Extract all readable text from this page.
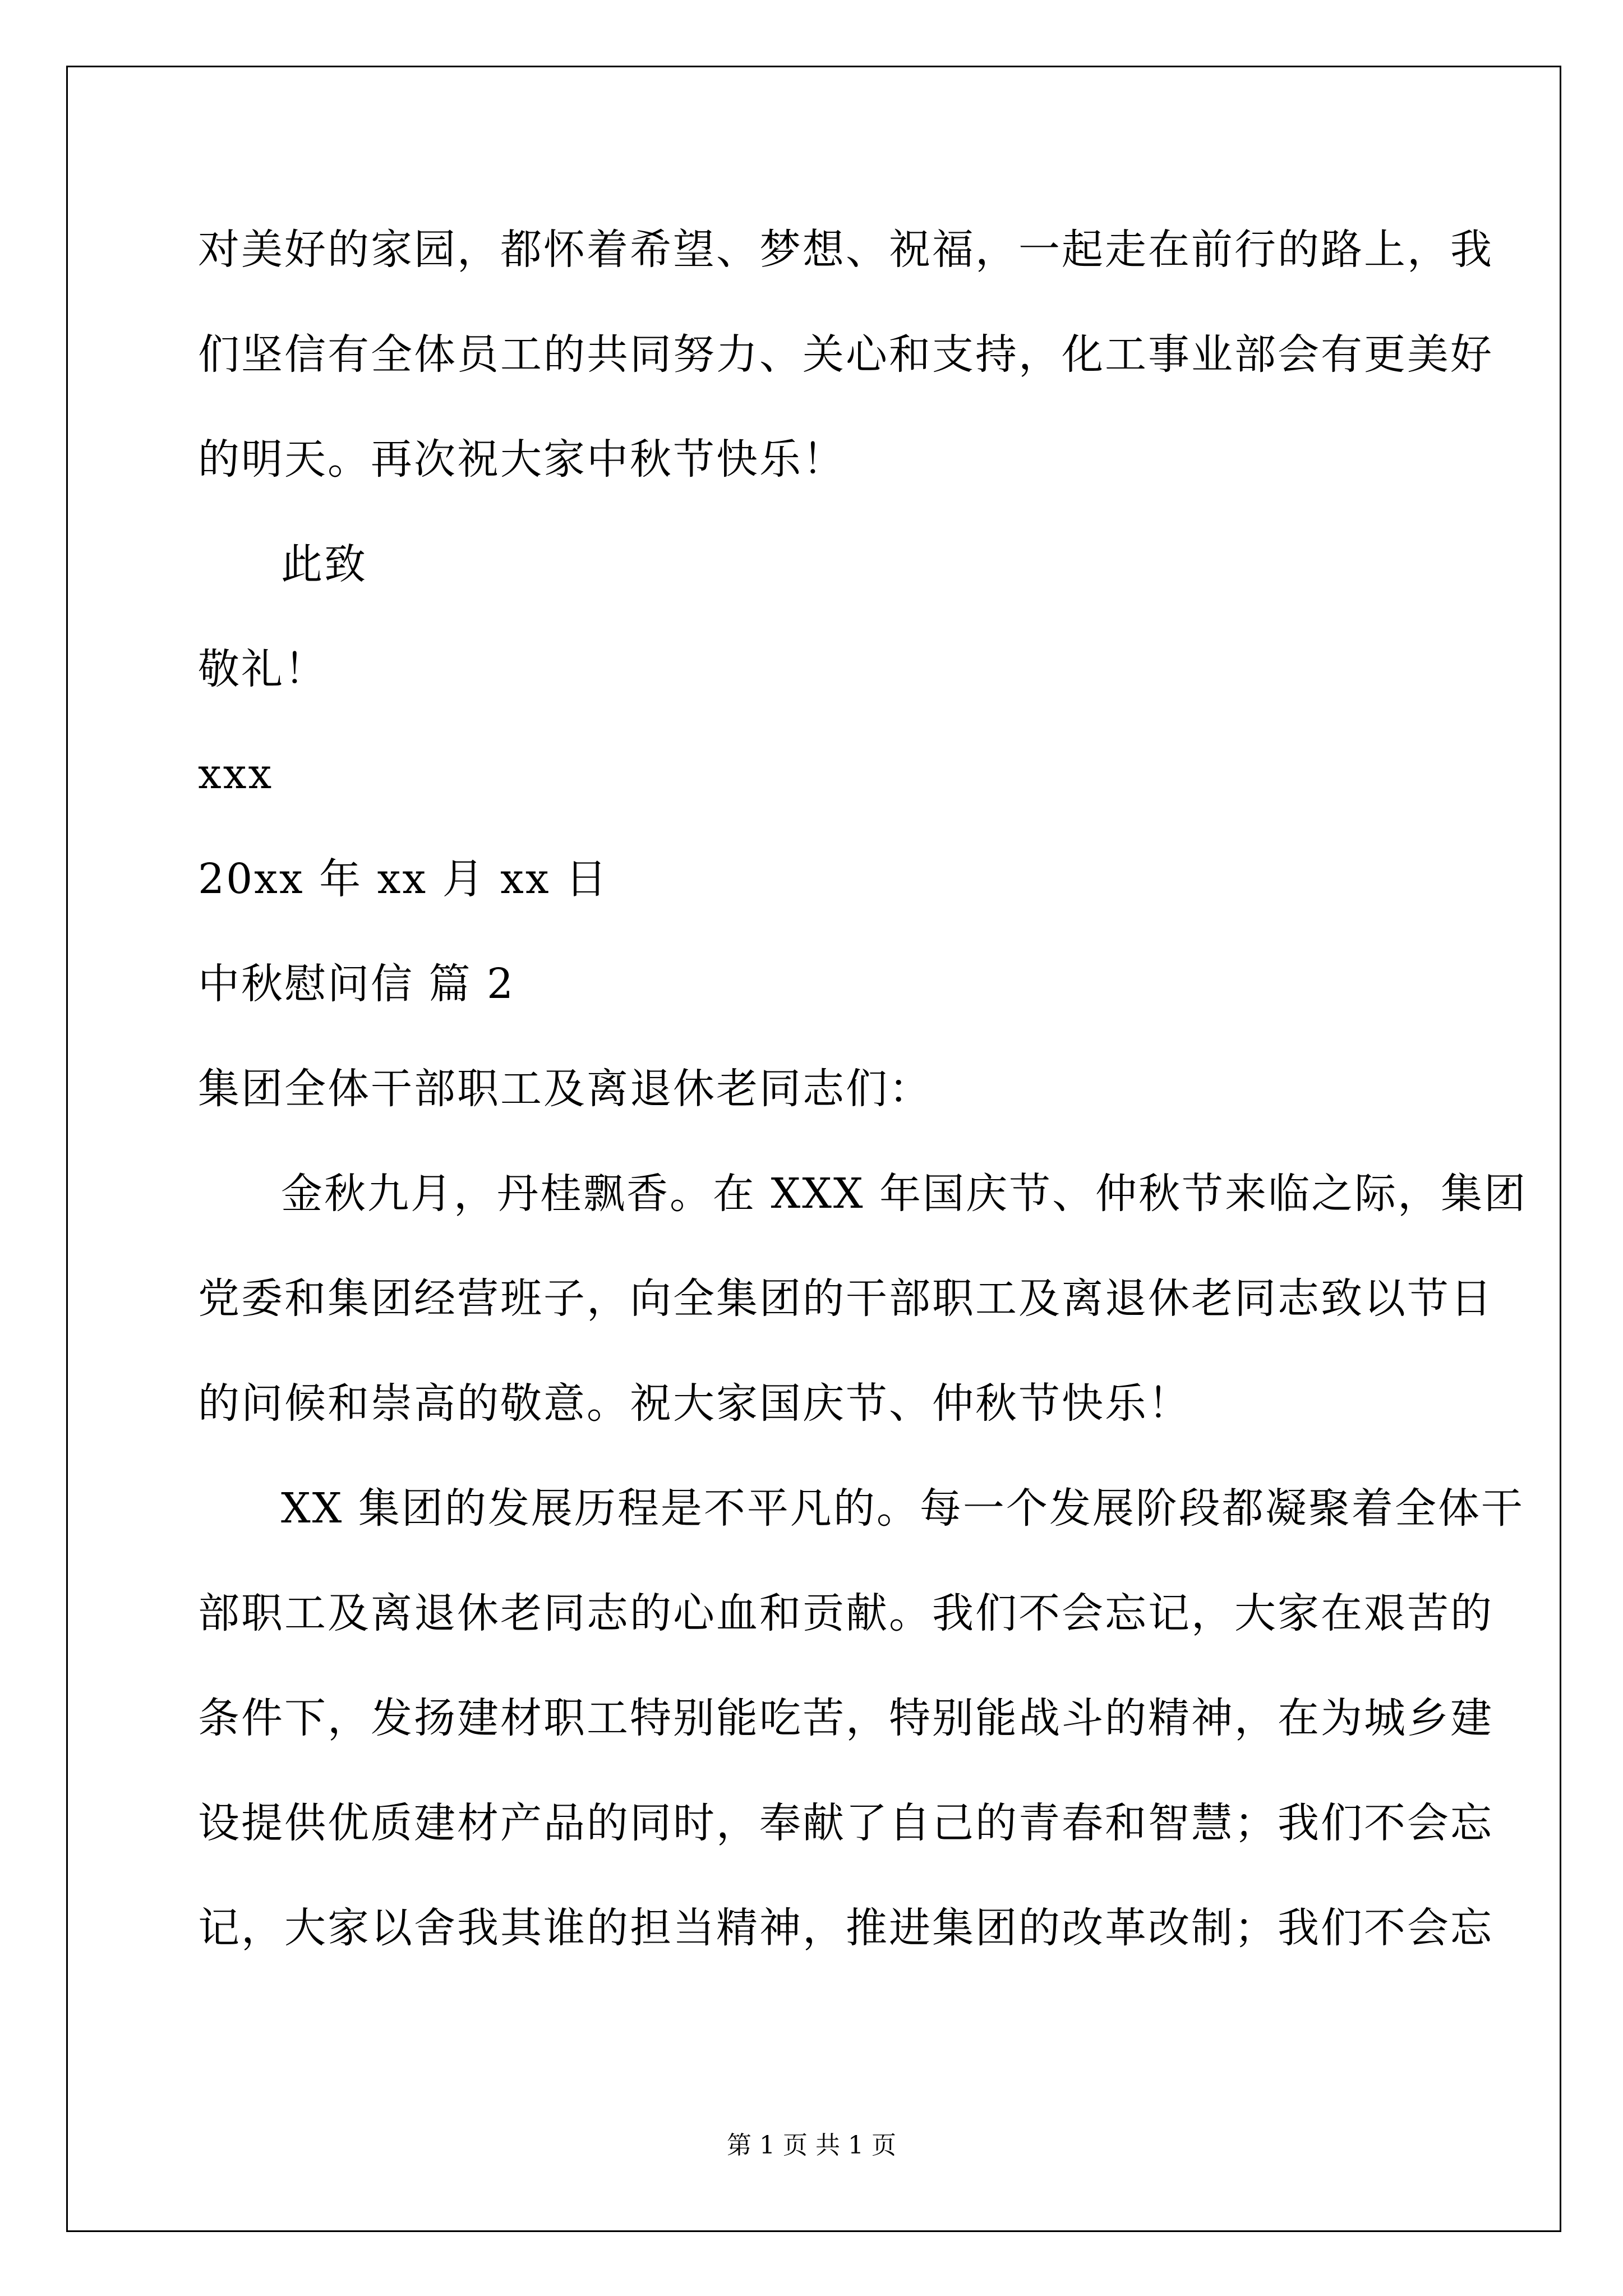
对美好的家园，都怀着希望、梦想、祝福，一起走在前行的路上，我
们坚信有全体员工的共同努力、关心和支持，化工事业部会有更美好
的明天。再次祝大家中秋节快乐！
此致
敬礼！
xxx
20xx 年 xx 月 xx 日
中秋慰问信 篇 2
集团全体干部职工及离退休老同志们：
金秋九月，丹桂飘香。在 XXX 年国庆节、仲秋节来临之际，集团
党委和集团经营班子，向全集团的干部职工及离退休老同志致以节日
的问候和崇高的敬意。祝大家国庆节、仲秋节快乐！
XX 集团的发展历程是不平凡的。每一个发展阶段都凝聚着全体干
部职工及离退休老同志的心血和贡献。我们不会忘记，大家在艰苦的
条件下，发扬建材职工特别能吃苦，特别能战斗的精神，在为城乡建
设提供优质建材产品的同时，奉献了自己的青春和智慧；我们不会忘
记，大家以舍我其谁的担当精神，推进集团的改革改制；我们不会忘
第 1 页 共 1 页
